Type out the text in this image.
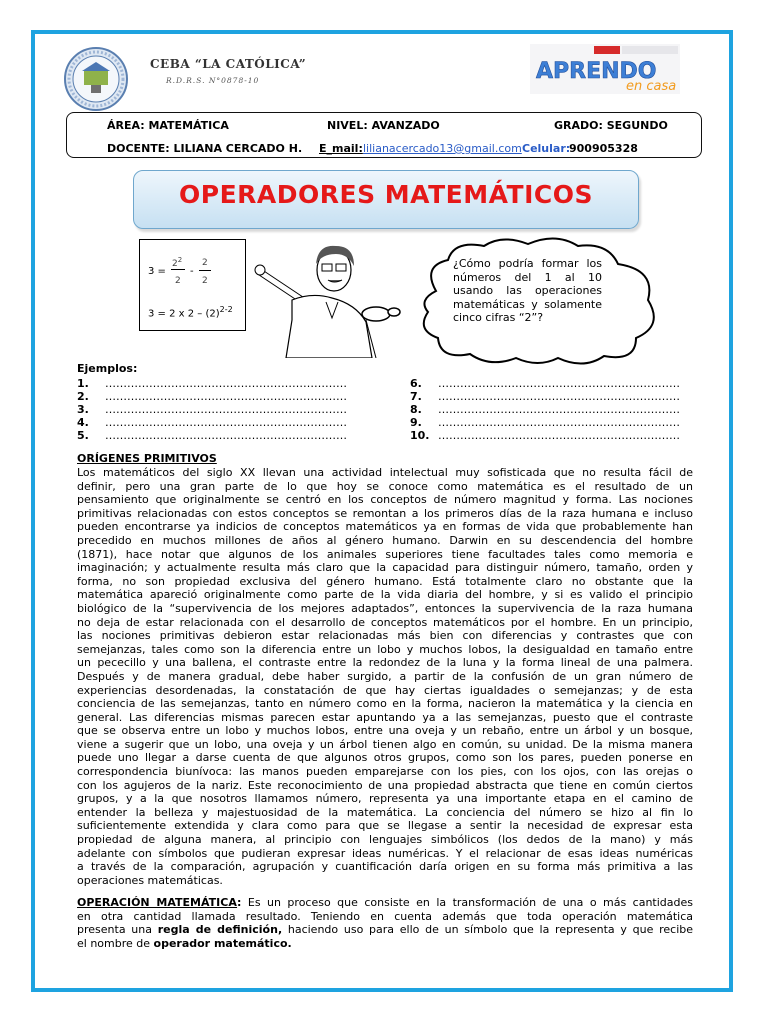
CEBA “LA CATÓLICA”
R.D.R.S. N°0878-10	APRENDO
en casa
ÁREA: MATEMÁTICA	NIVEL: AVANZADO	GRADO: SEGUNDO
DOCENTE: LILIANA CERCADO H. E_mail: lilianacercado13@gmail.com Celular:
900905328
OPERADORES MATEMÁTICOS
3 =
$2^2$
2
-
2
2
3 = 2 x $2 - (2)^{2-2}$
¿Cómo podría formar los números del 1 al 10 usando las operaciones matemáticas y solamente cinco cifras “2”?
Ejemplos:
1. …………………………………………………………
2. …………………………………………………………
3. …………………………………………………………
4. …………………………………………………………
5. …………………………………………………………
6. …………………………………………………………
7. …………………………………………………………
8. …………………………………………………………
9. …………………………………………………………
10. …………………………………………………………
ORÍGENES PRIMITIVOS
Los matemáticos del siglo XX llevan una actividad intelectual muy sofisticada que no resulta fácil de
definir, pero una gran parte de lo que hoy se conoce como matemática es el resultado de un
pensamiento que originalmente se centró en los conceptos de número magnitud y forma. Las nociones
primitivas relacionadas con estos conceptos se remontan a los primeros días de la raza humana e incluso
pueden encontrarse ya indicios de conceptos matemáticos ya en formas de vida que probablemente han
precedido en muchos millones de años al género humano. Darwin en su descendencia del hombre
(1871), hace notar que algunos de los animales superiores tiene facultades tales como memoria e
imaginación; y actualmente resulta más claro que la capacidad para distinguir número, tamaño, orden y
forma, no son propiedad exclusiva del género humano. Está totalmente claro no obstante que la
matemática apareció originalmente como parte de la vida diaria del hombre, y si es valido el principio
biológico de la “supervivencia de los mejores adaptados”, entonces la supervivencia de la raza humana
no deja de estar relacionada con el desarrollo de conceptos matemáticos por el hombre. En un principio,
las nociones primitivas debieron estar relacionadas más bien con diferencias y contrastes que con
semejanzas, tales como son la diferencia entre un lobo y muchos lobos, la desigualdad en tamaño entre
un pececillo y una ballena, el contraste entre la redondez de la luna y la forma lineal de una palmera.
Después y de manera gradual, debe haber surgido, a partir de la confusión de un gran número de
experiencias desordenadas, la constatación de que hay ciertas igualdades o semejanzas; y de esta
conciencia de las semejanzas, tanto en número como en la forma, nacieron la matemática y la ciencia en
general. Las diferencias mismas parecen estar apuntando ya a las semejanzas, puesto que el contraste
que se observa entre un lobo y muchos lobos, entre una oveja y un rebaño, entre un árbol y un bosque,
viene a sugerir que un lobo, una oveja y un árbol tienen algo en común, su unidad. De la misma manera
puede uno llegar a darse cuenta de que algunos otros grupos, como son los pares, pueden ponerse en
correspondencia biunívoca: las manos pueden emparejarse con los pies, con los ojos, con las orejas o
con los agujeros de la nariz. Este reconocimiento de una propiedad abstracta que tiene en común ciertos
grupos, y a la que nosotros llamamos número, representa ya una importante etapa en el camino de
entender la belleza y majestuosidad de la matemática. La conciencia del número se hizo al fin lo
suficientemente extendida y clara como para que se llegase a sentir la necesidad de expresar esta
propiedad de alguna manera, al principio con lenguajes simbólicos (los dedos de la mano) y más
adelante con símbolos que pudieran expresar ideas numéricas. Y el relacionar de esas ideas numéricas
a través de la comparación, agrupación y cuantificación daría origen en su forma más primitiva a las
operaciones matemáticas.
OPERACIÓN MATEMÁTICA: Es un proceso que consiste en la transformación de una o más cantidades
en otra cantidad llamada resultado. Teniendo en cuenta además que toda operación matemática
presenta una regla de definición, haciendo uso para ello de un símbolo que la representa y que recibe
el nombre de operador matemático.
